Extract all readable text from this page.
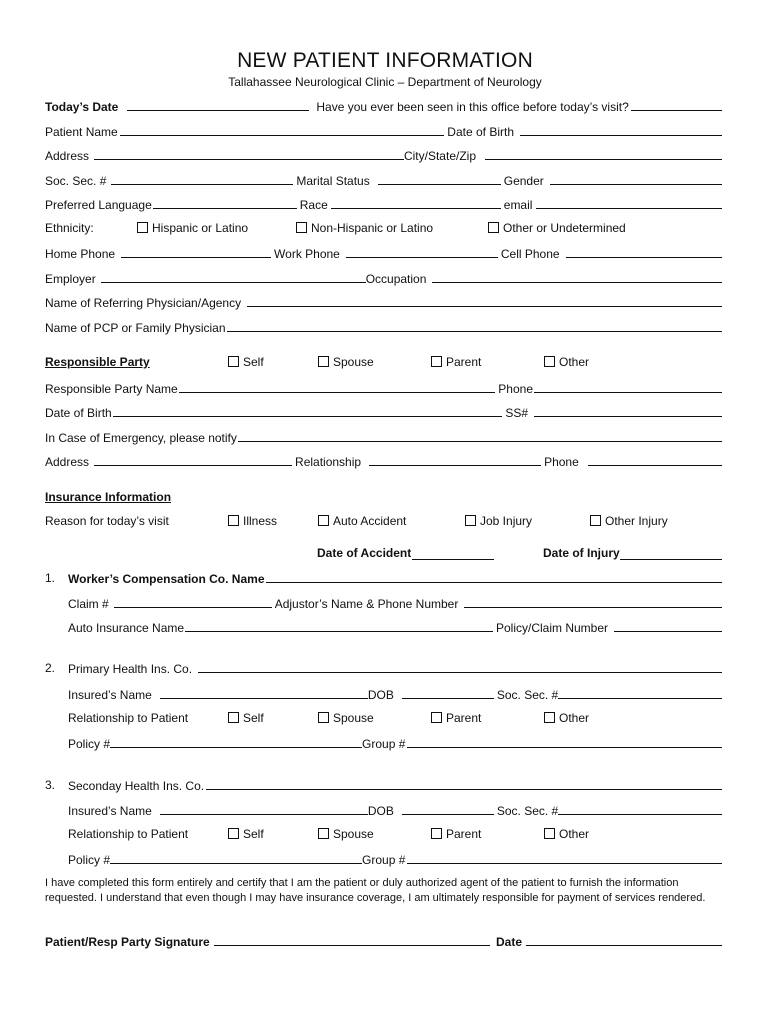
NEW PATIENT INFORMATION
Tallahassee Neurological Clinic – Department of Neurology
Today’s Date	Have you ever been seen in this office before today’s visit?
Patient Name	Date of Birth
Address	City/State/Zip
Soc. Sec. #	Marital Status	Gender
Preferred Language	Race	email
Ethnicity:	Hispanic or Latino	Non-Hispanic or Latino	Other or Undetermined
Home Phone	Work Phone	Cell Phone
Employer	Occupation
Name of Referring Physician/Agency
Name of PCP or Family Physician
Responsible Party	Self	Spouse	Parent	Other
Responsible Party Name	Phone
Date of Birth	SS#
In Case of Emergency, please notify
Address	Relationship	Phone
Insurance Information
Reason for today’s visit	Illness	Auto Accident	Job Injury	Other Injury
Date of Accident	Date of Injury
1. Worker’s Compensation Co. Name
Claim #	Adjustor’s Name & Phone Number
Auto Insurance Name	Policy/Claim Number
2. Primary Health Ins. Co.
Insured’s Name	DOB	Soc. Sec. #
Relationship to Patient	Self	Spouse	Parent	Other
Policy #	Group #
3. Seconday Health Ins. Co.
Insured’s Name	DOB	Soc. Sec. #
Relationship to Patient	Self	Spouse	Parent	Other
Policy #	Group #
I have completed this form entirely and certify that I am the patient or duly authorized agent of the patient to furnish the information requested. I understand that even though I may have insurance coverage, I am ultimately responsible for payment of services rendered.
Patient/Resp Party Signature	Date
